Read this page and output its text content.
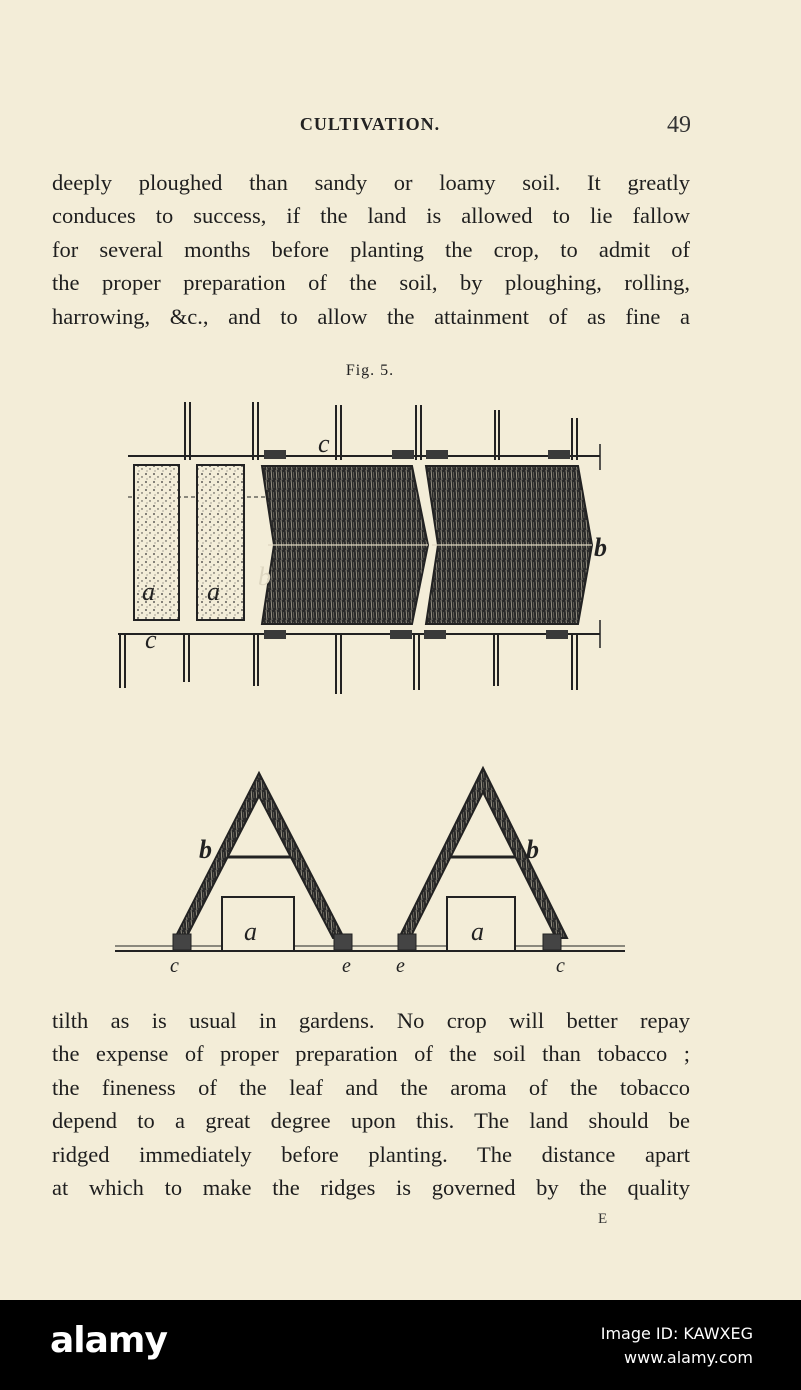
CULTIVATION.	49
deeply ploughed than sandy or loamy soil. It greatly
conduces to success, if the land is allowed to lie fallow
for several months before planting the crop, to admit of
the proper preparation of the soil, by ploughing, rolling,
harrowing, &c., and to allow the attainment of as fine a
Fig. 5.
c
a a
b
b
c
b	b
a	a
c	e e	c
tilth as is usual in gardens. No crop will better repay
the expense of proper preparation of the soil than tobacco ;
the fineness of the leaf and the aroma of the tobacco
depend to a great degree upon this. The land should be
ridged immediately before planting. The distance apart
at which to make the ridges is governed by the quality
E
alamy	Image ID: KAWXEG
www.alamy.com
